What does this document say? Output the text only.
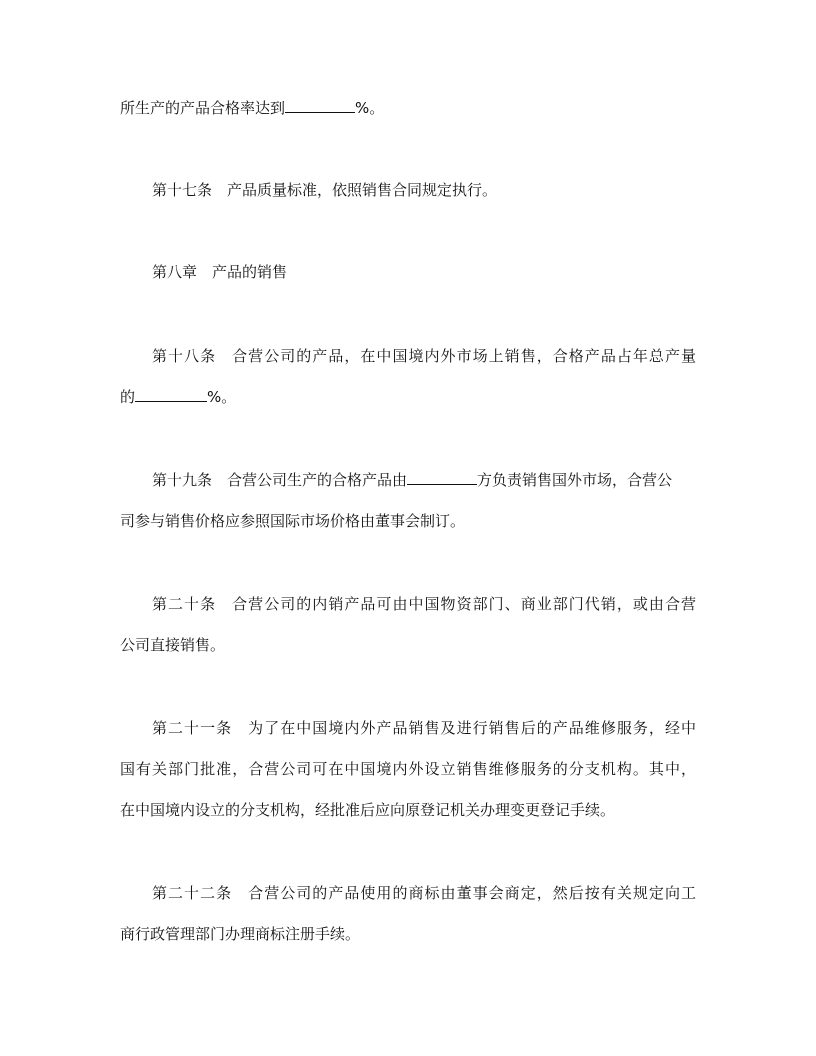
所生产的产品合格率达到	%。
第十七条　产品质量标准，依照销售合同规定执行。
第八章　产品的销售
第十八条　合营公司的产品，在中国境内外市场上销售，合格产品占年总产量
的	%。
第十九条　合营公司生产的合格产品由	方负责销售国外市场，合营公
司参与销售价格应参照国际市场价格由董事会制订。
第二十条　合营公司的内销产品可由中国物资部门、商业部门代销，或由合营
公司直接销售。
第二十一条　为了在中国境内外产品销售及进行销售后的产品维修服务，经中
国有关部门批准，合营公司可在中国境内外设立销售维修服务的分支机构。其中，
在中国境内设立的分支机构，经批准后应向原登记机关办理变更登记手续。
第二十二条　合营公司的产品使用的商标由董事会商定，然后按有关规定向工
商行政管理部门办理商标注册手续。
